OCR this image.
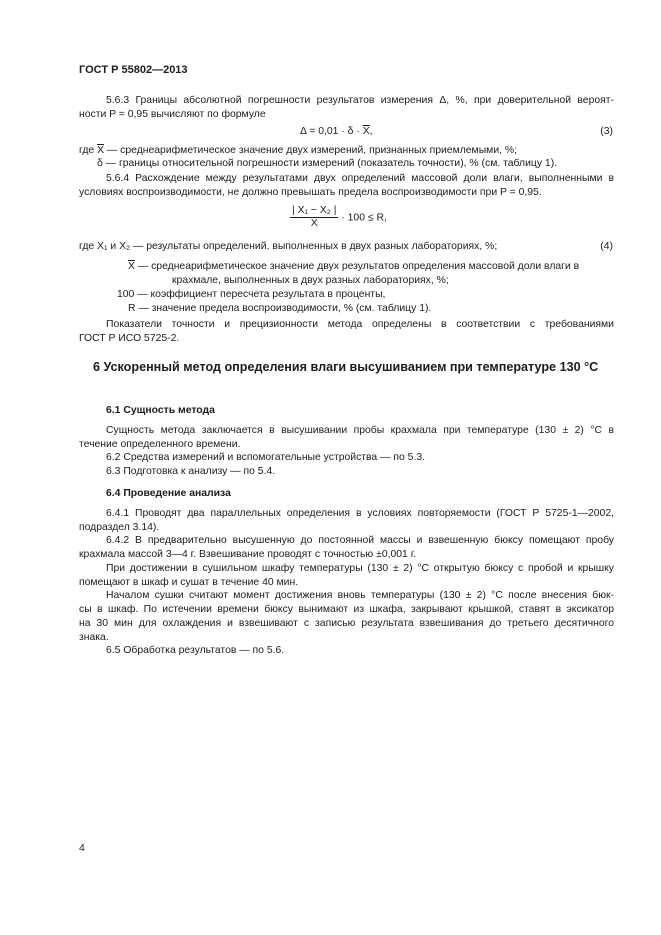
ГОСТ Р 55802—2013
5.6.3 Границы абсолютной погрешности результатов измерения Δ, %, при доверительной вероят-
ности P = 0,95 вычисляют по формуле
$\Delta = 0,01 \cdot \delta \cdot \overline{X}$,	(3)
где $\overline{X}$ — среднеарифметическое значение двух измерений, признанных приемлемыми, %;
δ — границы относительной погрешности измерений (показатель точности), % (см. таблицу 1).
5.6.4 Расхождение между результатами двух определений массовой доли влаги, выполненными в
условиях воспроизводимости, не должно превышать предела воспроизводимости при P = 0,95.
$\frac{\text{| X₁ − X₂ |}}{X} \cdot 100 \le R$,
(4)
где X₁ и X₂ — результаты определений, выполненных в двух разных лабораториях, %;
$\overline{X}$ — среднеарифметическое значение двух результатов определения массовой доли влаги в
крахмале, выполненных в двух разных лабораториях, %;
100 — коэффициент пересчета результата в проценты,
R — значение предела воспроизводимости, % (см. таблицу 1).
Показатели точности и прецизионности метода определены в соответствии с требованиями
ГОСТ Р ИСО 5725-2.
6 Ускоренный метод определения влаги высушиванием при температуре 130 °С
6.1 Сущность метода
Сущность метода заключается в высушивании пробы крахмала при температуре (130 ± 2) °С в
течение определенного времени.
6.2 Средства измерений и вспомогательные устройства — по 5.3.
6.3 Подготовка к анализу — по 5.4.
6.4 Проведение анализа
6.4.1 Проводят два параллельных определения в условиях повторяемости (ГОСТ Р 5725-1—2002,
подраздел 3.14).
6.4.2 В предварительно высушенную до постоянной массы и взвешенную бюксу помещают пробу
крахмала массой 3—4 г. Взвешивание проводят с точностью ±0,001 г.
При достижении в сушильном шкафу температуры (130 ± 2) °С открытую бюксу с пробой и крышку
помещают в шкаф и сушат в течение 40 мин.
Началом сушки считают момент достижения вновь температуры (130 ± 2) °С после внесения бюк-
сы в шкаф. По истечении времени бюксу вынимают из шкафа, закрывают крышкой, ставят в эксикатор
на 30 мин для охлаждения и взвешивают с записью результата взвешивания до третьего десятичного
знака.
6.5 Обработка результатов — по 5.6.
4
